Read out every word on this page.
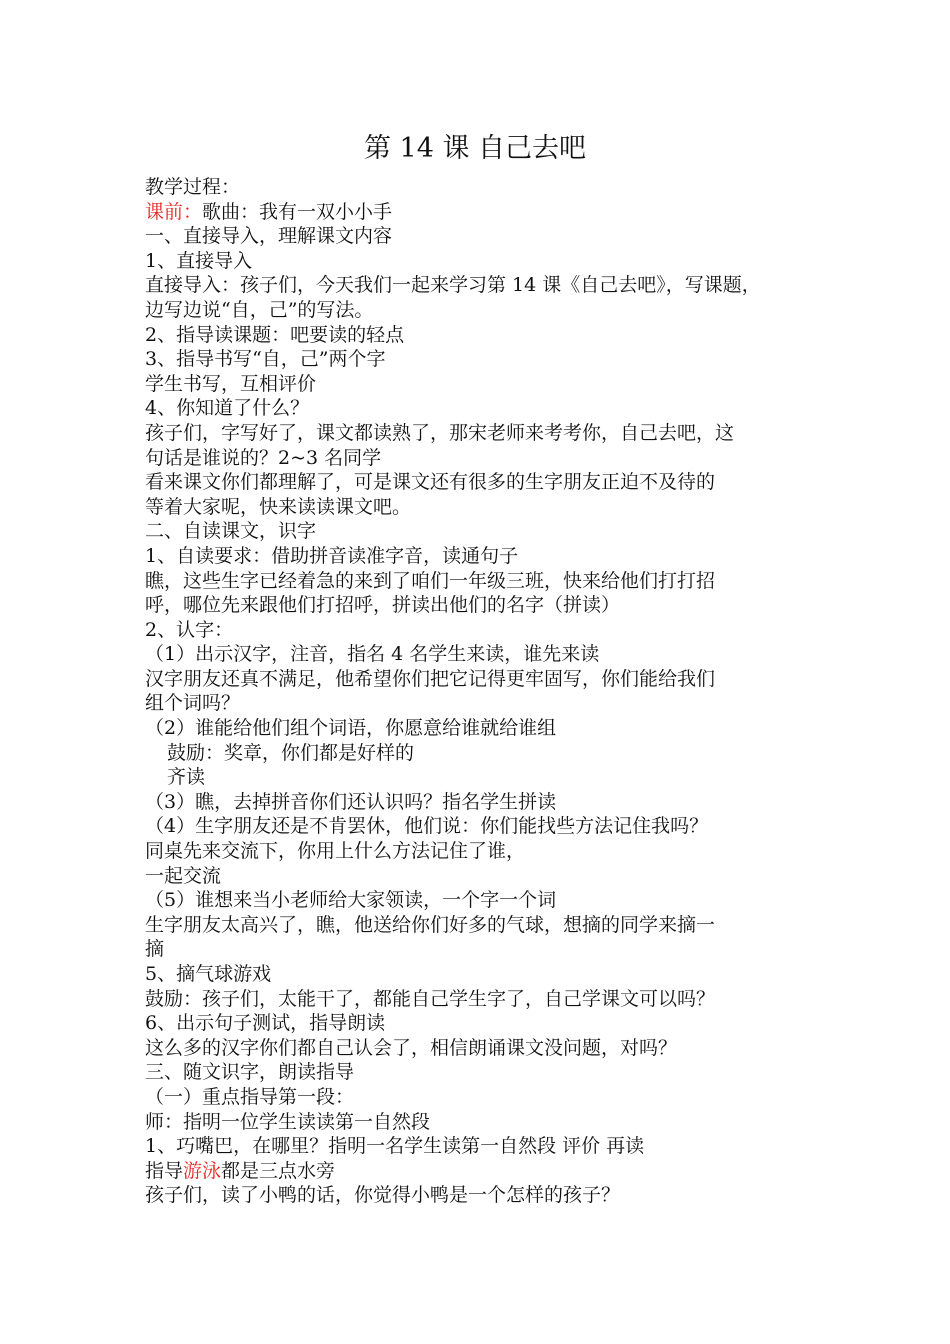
第 14 课 自己去吧
教学过程：
课前：歌曲：我有一双小小手
一、直接导入，理解课文内容
1、直接导入
直接导入：孩子们，今天我们一起来学习第 14 课《自己去吧》，写课题，
边写边说“自，己”的写法。
2、指导读课题：吧要读的轻点
3、指导书写“自，己”两个字
学生书写，互相评价
4、你知道了什么？
孩子们，字写好了，课文都读熟了，那宋老师来考考你，自己去吧，这
句话是谁说的？2~3 名同学
看来课文你们都理解了，可是课文还有很多的生字朋友正迫不及待的
等着大家呢，快来读读课文吧。
二、自读课文，识字
1、自读要求：借助拼音读准字音，读通句子
瞧，这些生字已经着急的来到了咱们一年级三班，快来给他们打打招
呼，哪位先来跟他们打招呼，拼读出他们的名字（拼读）
2、认字：
（1）出示汉字，注音，指名 4 名学生来读，谁先来读
汉字朋友还真不满足，他希望你们把它记得更牢固写，你们能给我们
组个词吗？
（2）谁能给他们组个词语，你愿意给谁就给谁组
鼓励：奖章，你们都是好样的
齐读
（3）瞧，去掉拼音你们还认识吗？指名学生拼读
（4）生字朋友还是不肯罢休，他们说：你们能找些方法记住我吗？
同桌先来交流下，你用上什么方法记住了谁，
一起交流
（5）谁想来当小老师给大家领读，一个字一个词
生字朋友太高兴了，瞧，他送给你们好多的气球，想摘的同学来摘一
摘
5、摘气球游戏
鼓励：孩子们，太能干了，都能自己学生字了，自己学课文可以吗？
6、出示句子测试，指导朗读
这么多的汉字你们都自己认会了，相信朗诵课文没问题，对吗？
三、随文识字，朗读指导
（一）重点指导第一段：
师：指明一位学生读读第一自然段
1、巧嘴巴，在哪里？指明一名学生读第一自然段 评价 再读
指导游泳都是三点水旁
孩子们，读了小鸭的话，你觉得小鸭是一个怎样的孩子？
